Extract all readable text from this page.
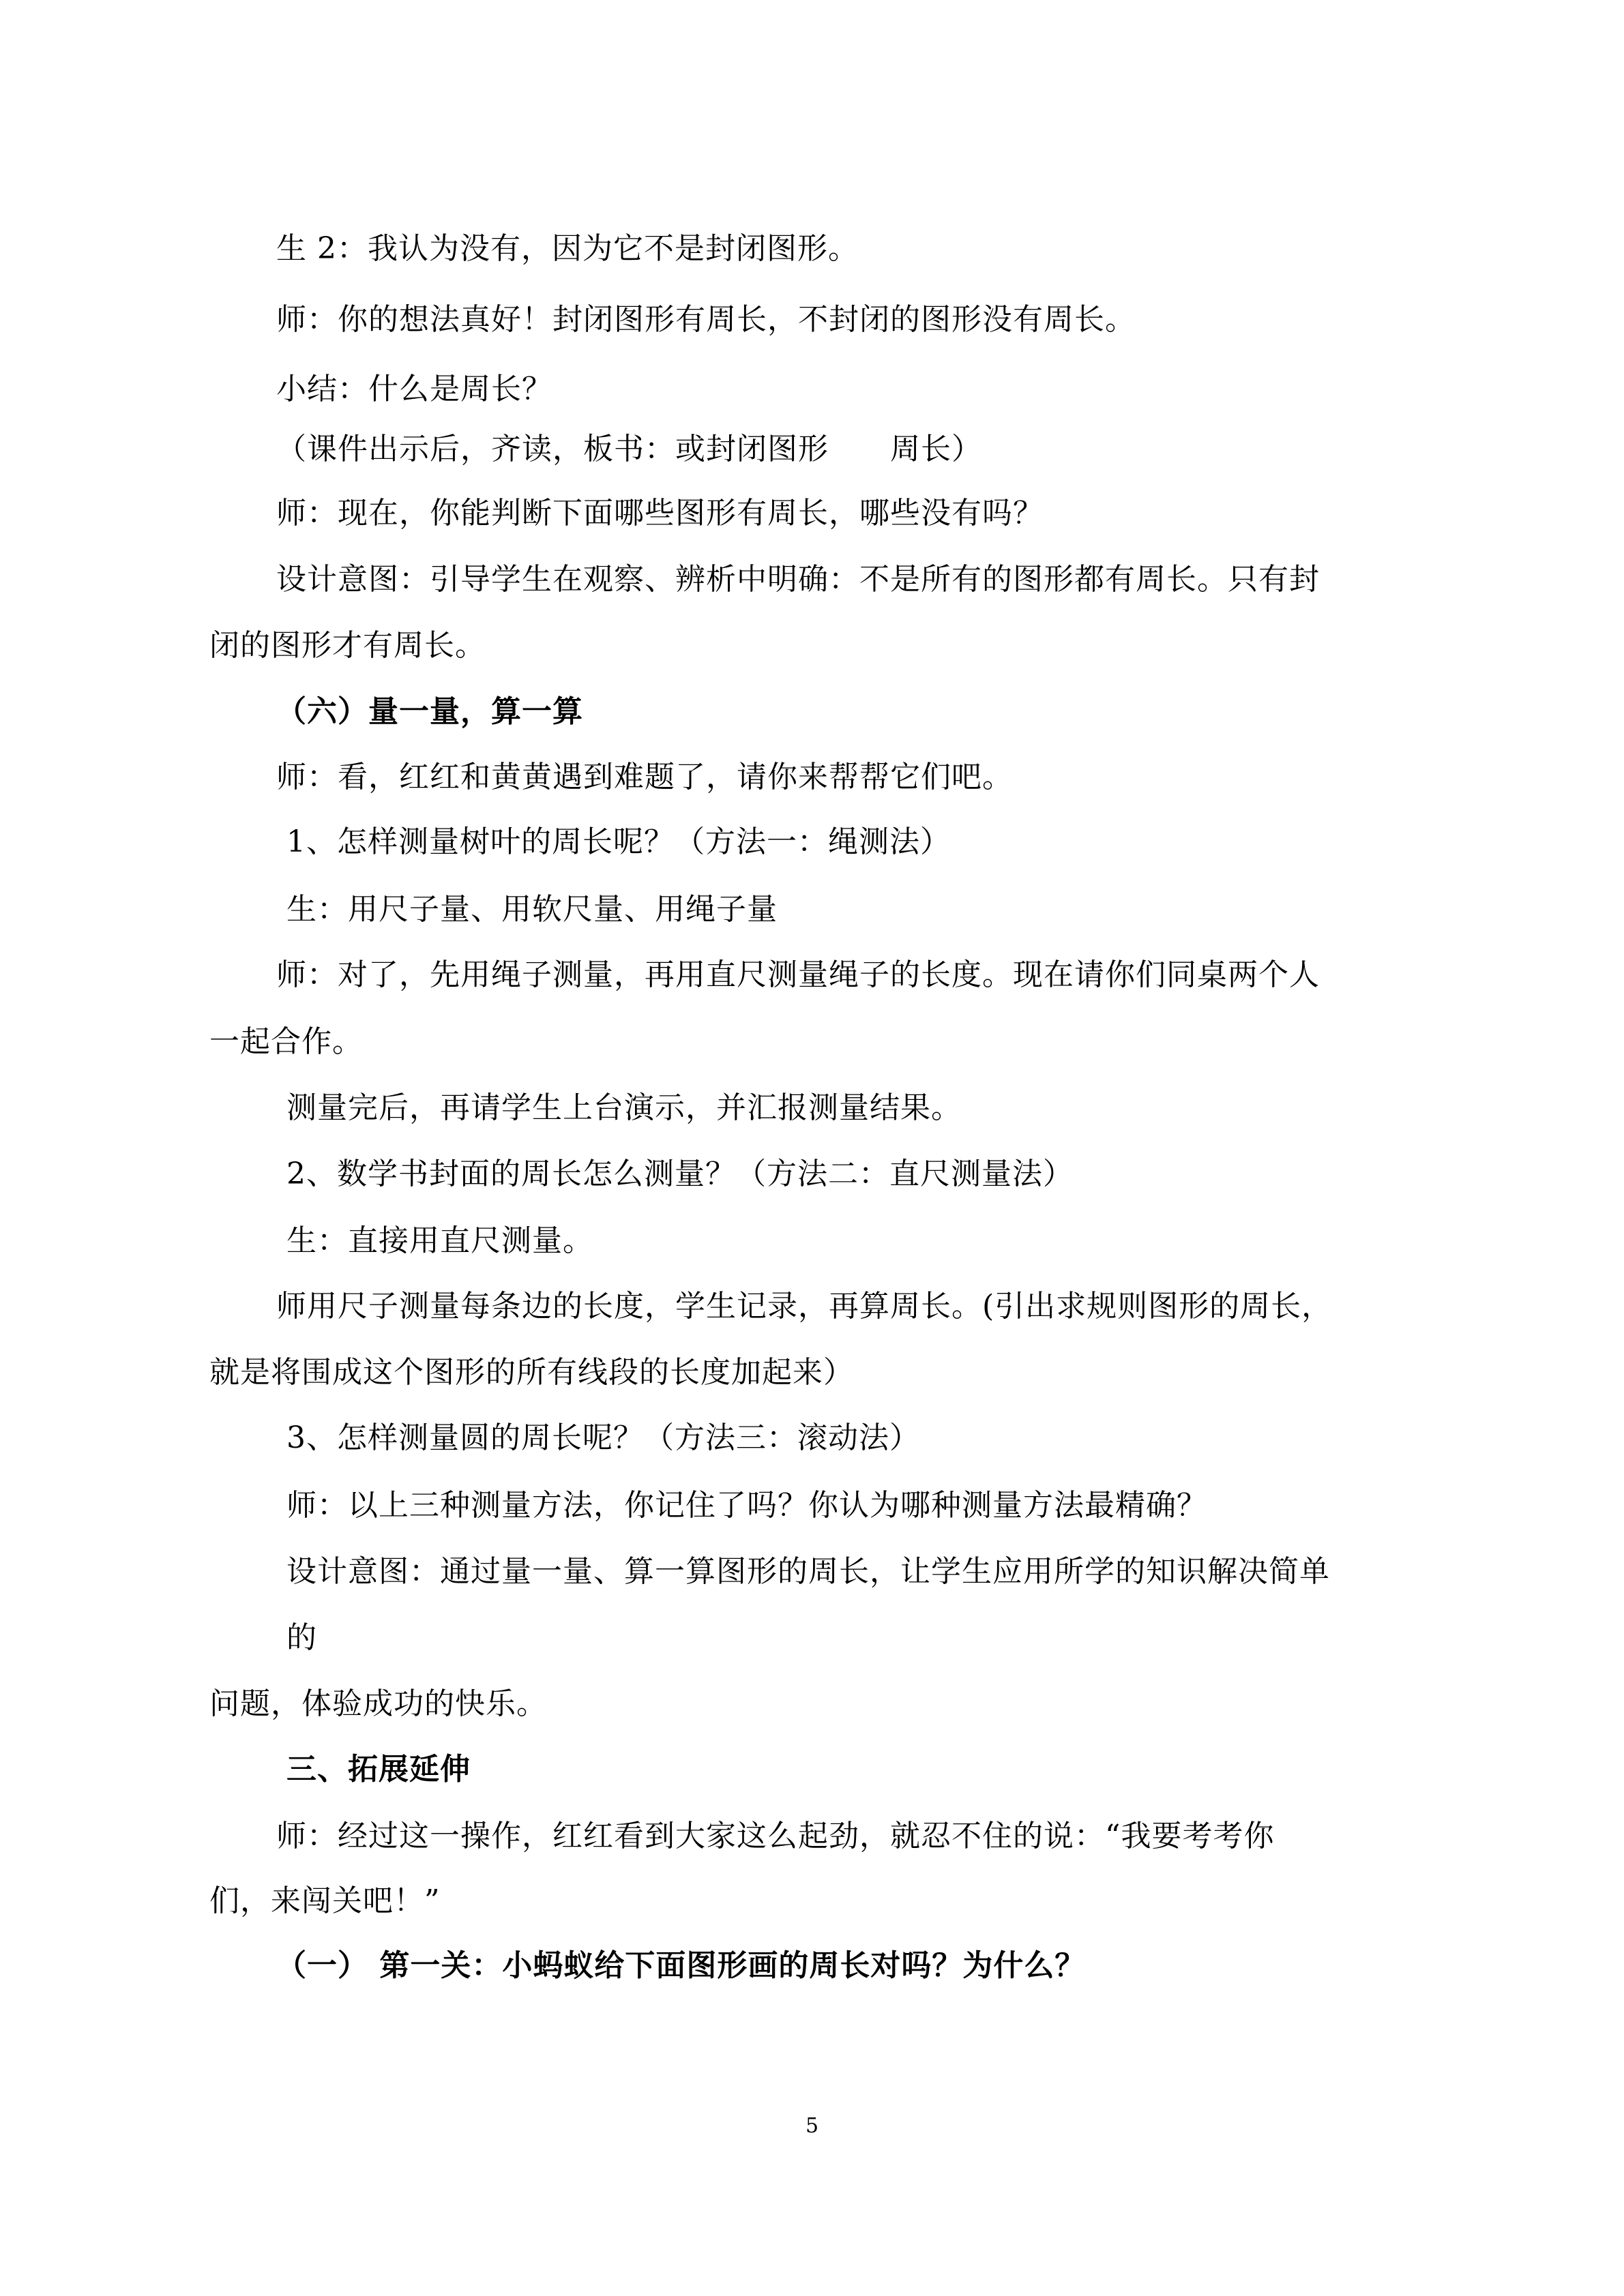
生 2：我认为没有，因为它不是封闭图形。
师：你的想法真好！封闭图形有周长，不封闭的图形没有周长。
小结：什么是周长？
（课件出示后，齐读，板书：或封闭图形　　周长）
师：现在，你能判断下面哪些图形有周长，哪些没有吗？
设计意图：引导学生在观察、辨析中明确：不是所有的图形都有周长。只有封
闭的图形才有周长。
（六）量一量，算一算
师：看，红红和黄黄遇到难题了，请你来帮帮它们吧。
1、怎样测量树叶的周长呢？（方法一：绳测法）
生：用尺子量、用软尺量、用绳子量
师：对了，先用绳子测量，再用直尺测量绳子的长度。现在请你们同桌两个人
一起合作。
测量完后，再请学生上台演示，并汇报测量结果。
2、数学书封面的周长怎么测量？（方法二：直尺测量法）
生：直接用直尺测量。
师用尺子测量每条边的长度，学生记录，再算周长。(引出求规则图形的周长，
就是将围成这个图形的所有线段的长度加起来）
3、怎样测量圆的周长呢？（方法三：滚动法）
师：以上三种测量方法，你记住了吗？你认为哪种测量方法最精确？
设计意图：通过量一量、算一算图形的周长，让学生应用所学的知识解决简单
的
问题，体验成功的快乐。
三、拓展延伸
师：经过这一操作，红红看到大家这么起劲，就忍不住的说：“我要考考你
们，来闯关吧！”
（一） 第一关：小蚂蚁给下面图形画的周长对吗？为什么？
5
